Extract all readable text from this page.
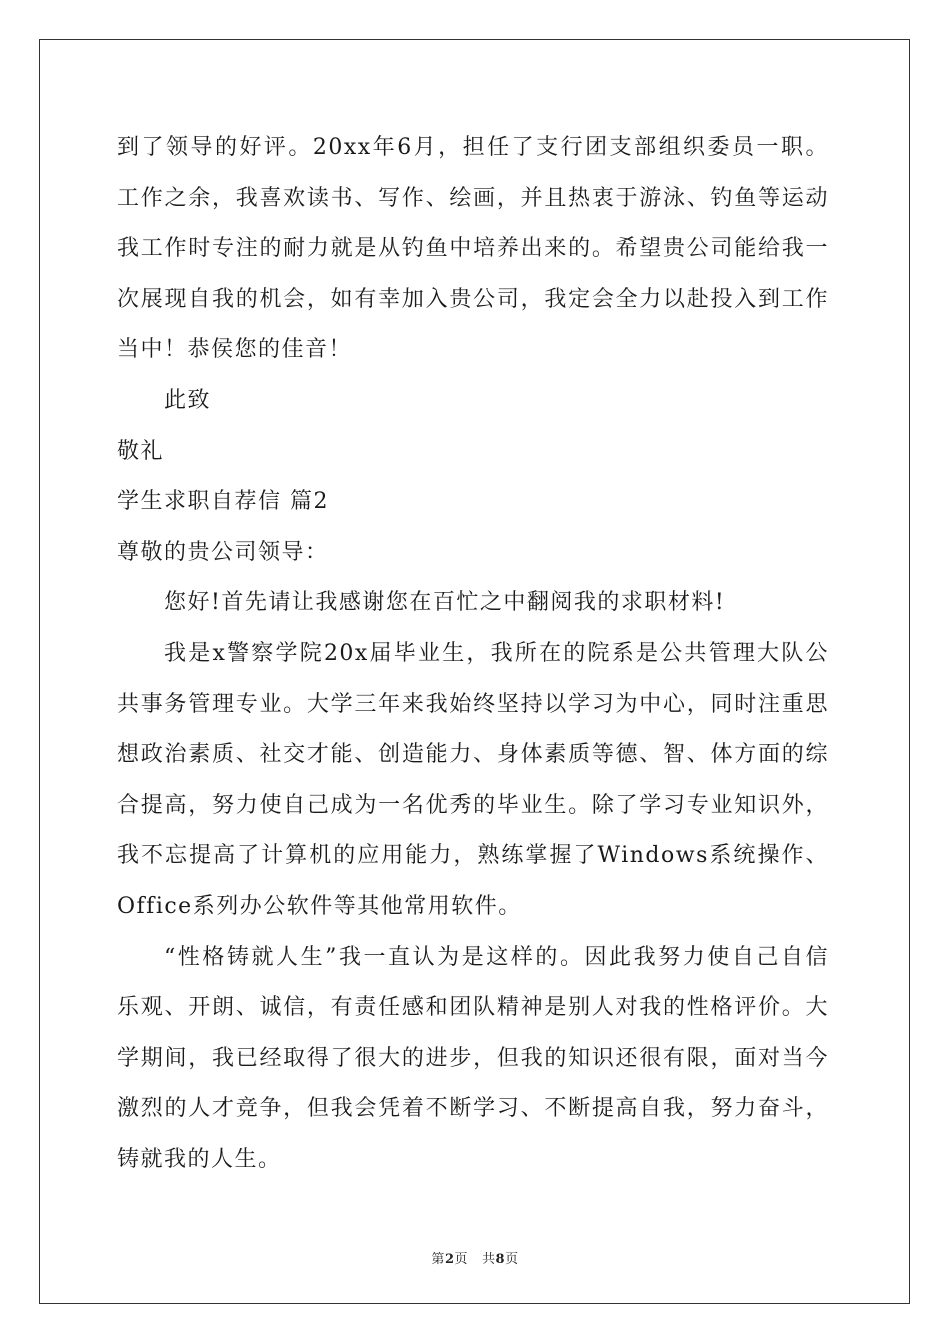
到了领导的好评。20xx年6月，担任了支行团支部组织委员一职。
工作之余，我喜欢读书、写作、绘画，并且热衷于游泳、钓鱼等运动
我工作时专注的耐力就是从钓鱼中培养出来的。希望贵公司能给我一
次展现自我的机会，如有幸加入贵公司，我定会全力以赴投入到工作
当中！恭侯您的佳音！
此致
敬礼
学生求职自荐信 篇2
尊敬的贵公司领导：
您好!首先请让我感谢您在百忙之中翻阅我的求职材料!
我是x警察学院20x届毕业生，我所在的院系是公共管理大队公
共事务管理专业。大学三年来我始终坚持以学习为中心，同时注重思
想政治素质、社交才能、创造能力、身体素质等德、智、体方面的综
合提高，努力使自己成为一名优秀的毕业生。除了学习专业知识外，
我不忘提高了计算机的应用能力，熟练掌握了Windows系统操作、
Office系列办公软件等其他常用软件。
“性格铸就人生”我一直认为是这样的。因此我努力使自己自信
乐观、开朗、诚信，有责任感和团队精神是别人对我的性格评价。大
学期间，我已经取得了很大的进步，但我的知识还很有限，面对当今
激烈的人才竞争，但我会凭着不断学习、不断提高自我，努力奋斗，
铸就我的人生。
第2页 共8页
